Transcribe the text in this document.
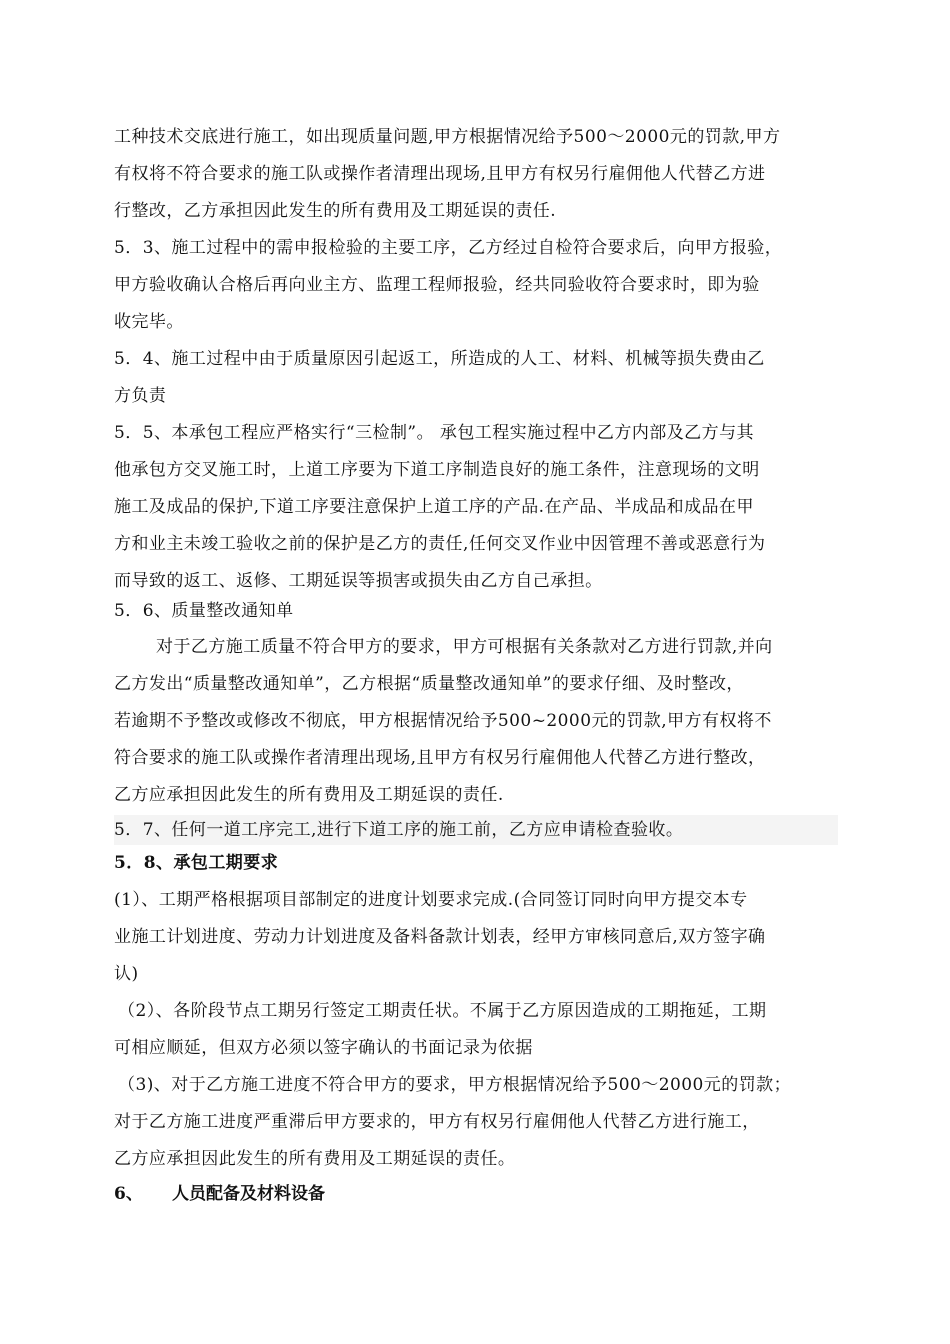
工种技术交底进行施工，如出现质量问题,甲方根据情况给予500～2000元的罚款,甲方
有权将不符合要求的施工队或操作者清理出现场,且甲方有权另行雇佣他人代替乙方进
行整改，乙方承担因此发生的所有费用及工期延误的责任.
5．3、施工过程中的需申报检验的主要工序，乙方经过自检符合要求后，向甲方报验，
甲方验收确认合格后再向业主方、监理工程师报验，经共同验收符合要求时，即为验
收完毕。
5．4、施工过程中由于质量原因引起返工，所造成的人工、材料、机械等损失费由乙
方负责
5．5、本承包工程应严格实行“三检制”。 承包工程实施过程中乙方内部及乙方与其
他承包方交叉施工时，上道工序要为下道工序制造良好的施工条件，注意现场的文明
施工及成品的保护,下道工序要注意保护上道工序的产品.在产品、半成品和成品在甲
方和业主未竣工验收之前的保护是乙方的责任,任何交叉作业中因管理不善或恶意行为
而导致的返工、返修、工期延误等损害或损失由乙方自己承担。
5．6、质量整改通知单
对于乙方施工质量不符合甲方的要求，甲方可根据有关条款对乙方进行罚款,并向
乙方发出“质量整改通知单”，乙方根据“质量整改通知单”的要求仔细、及时整改，
若逾期不予整改或修改不彻底，甲方根据情况给予500~2000元的罚款,甲方有权将不
符合要求的施工队或操作者清理出现场,且甲方有权另行雇佣他人代替乙方进行整改，
乙方应承担因此发生的所有费用及工期延误的责任.
5．7、任何一道工序完工,进行下道工序的施工前，乙方应申请检查验收。
5．8、承包工期要求
(1）、工期严格根据项目部制定的进度计划要求完成.(合同签订同时向甲方提交本专
业施工计划进度、劳动力计划进度及备料备款计划表，经甲方审核同意后,双方签字确
认)
（2）、各阶段节点工期另行签定工期责任状。不属于乙方原因造成的工期拖延，工期
可相应顺延，但双方必须以签字确认的书面记录为依据
（3)、对于乙方施工进度不符合甲方的要求，甲方根据情况给予500～2000元的罚款；
对于乙方施工进度严重滞后甲方要求的，甲方有权另行雇佣他人代替乙方进行施工，
乙方应承担因此发生的所有费用及工期延误的责任。
6、 人员配备及材料设备
